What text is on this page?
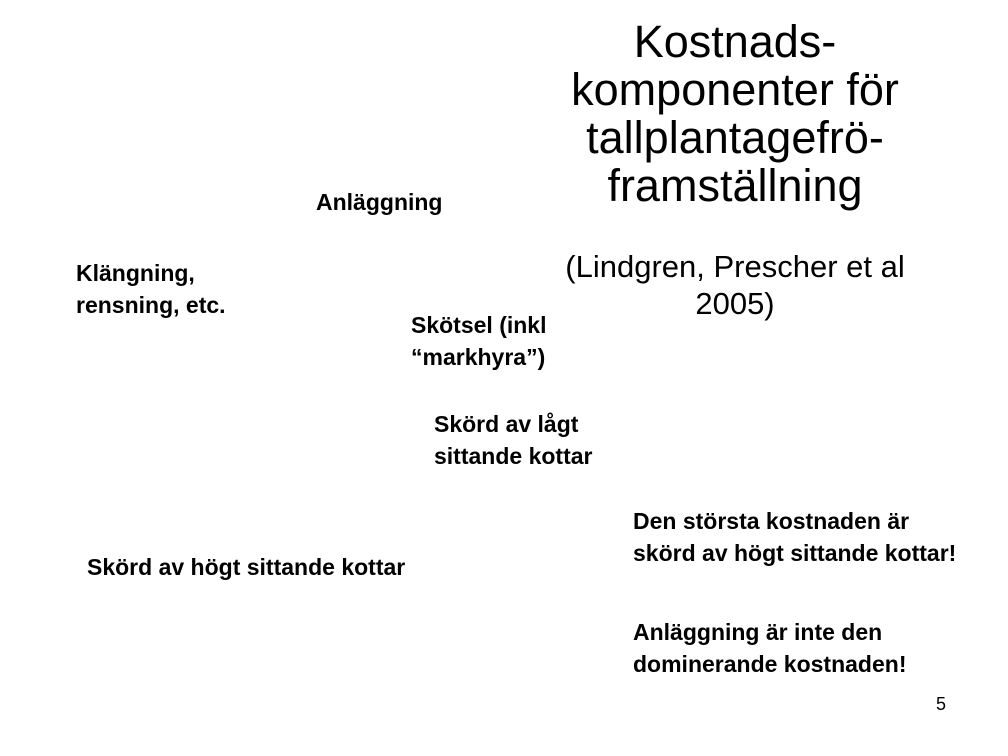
Kostnads-
komponenter för
tallplantagefrö-
framställning
(Lindgren, Prescher et al
2005)
Anläggning
Klängning,
rensning, etc.
Skötsel (inkl
“markhyra”)
Skörd av lågt
sittande kottar
Skörd av högt sittande kottar
Den största kostnaden är skörd av högt sittande kottar!
Anläggning är inte den dominerande kostnaden!
5
